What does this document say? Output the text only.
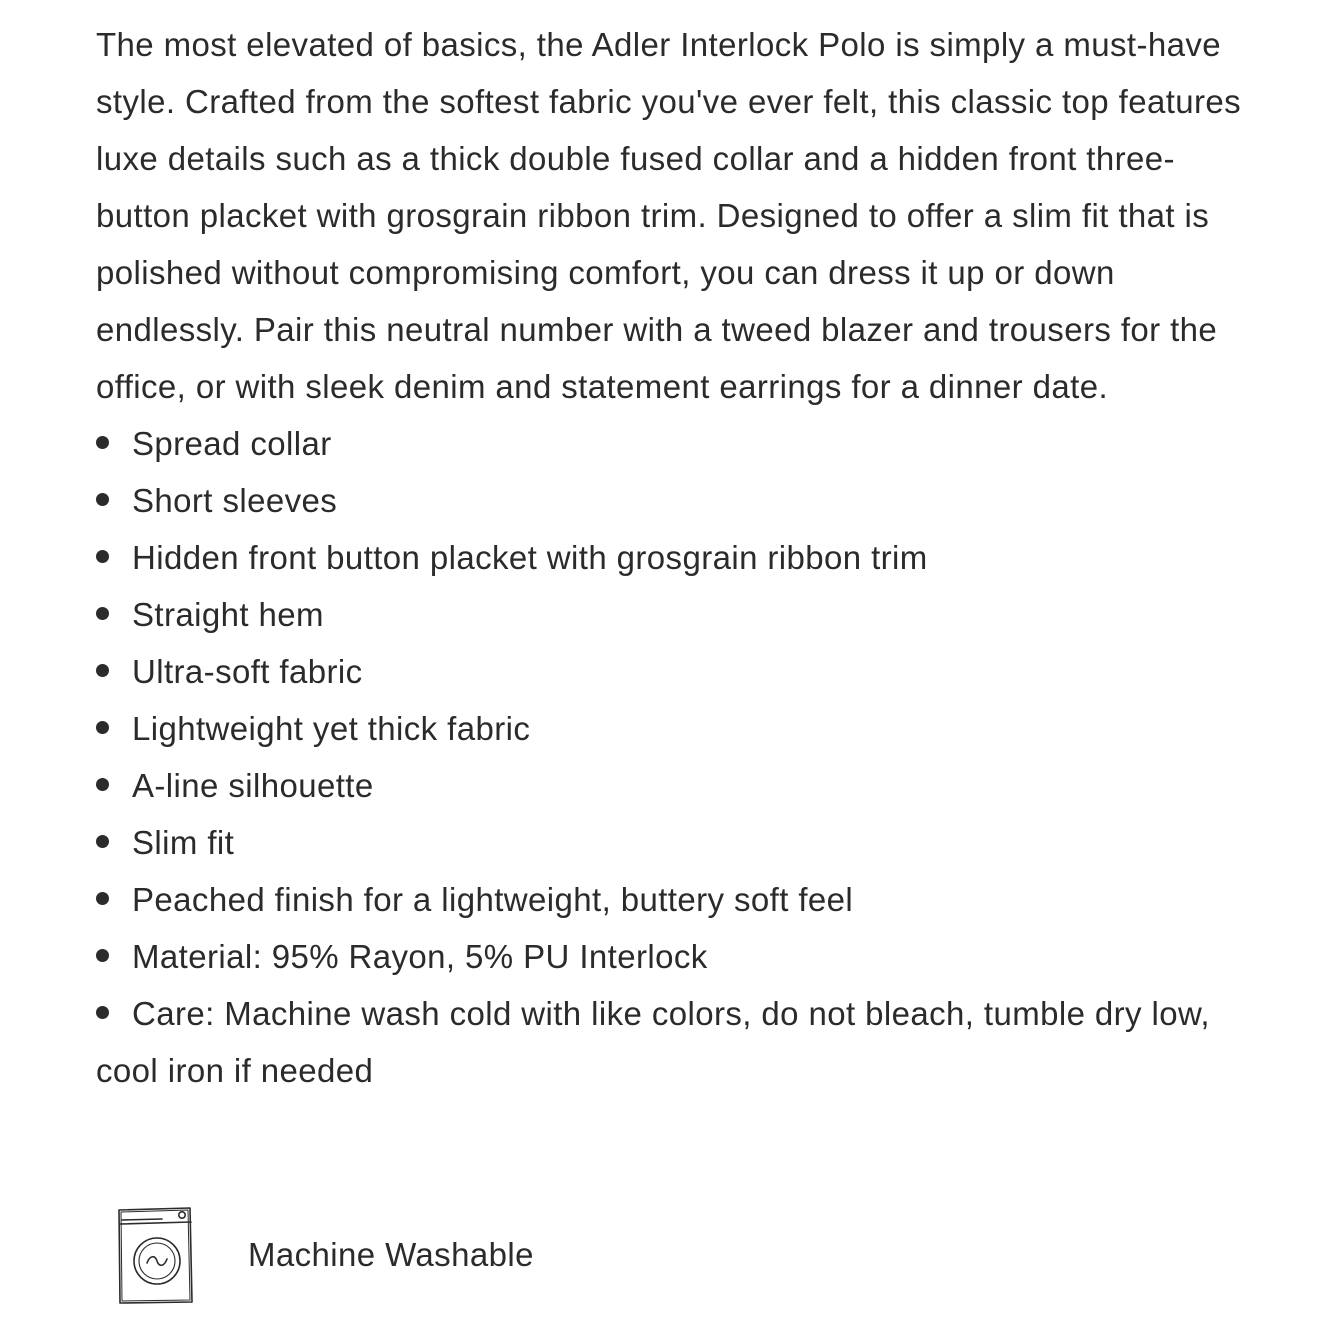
The most elevated of basics, the Adler Interlock Polo is simply a must-have style. Crafted from the softest fabric you've ever felt, this classic top features luxe details such as a thick double fused collar and a hidden front three-button placket with grosgrain ribbon trim. Designed to offer a slim fit that is polished without compromising comfort, you can dress it up or down endlessly. Pair this neutral number with a tweed blazer and trousers for the office, or with sleek denim and statement earrings for a dinner date.

Spread collar
Short sleeves
Hidden front button placket with grosgrain ribbon trim
Straight hem
Ultra-soft fabric
Lightweight yet thick fabric
A-line silhouette
Slim fit
Peached finish for a lightweight, buttery soft feel
Material: 95% Rayon, 5% PU Interlock
Care: Machine wash cold with like colors, do not bleach, tumble dry low, cool iron if needed
Machine Washable
